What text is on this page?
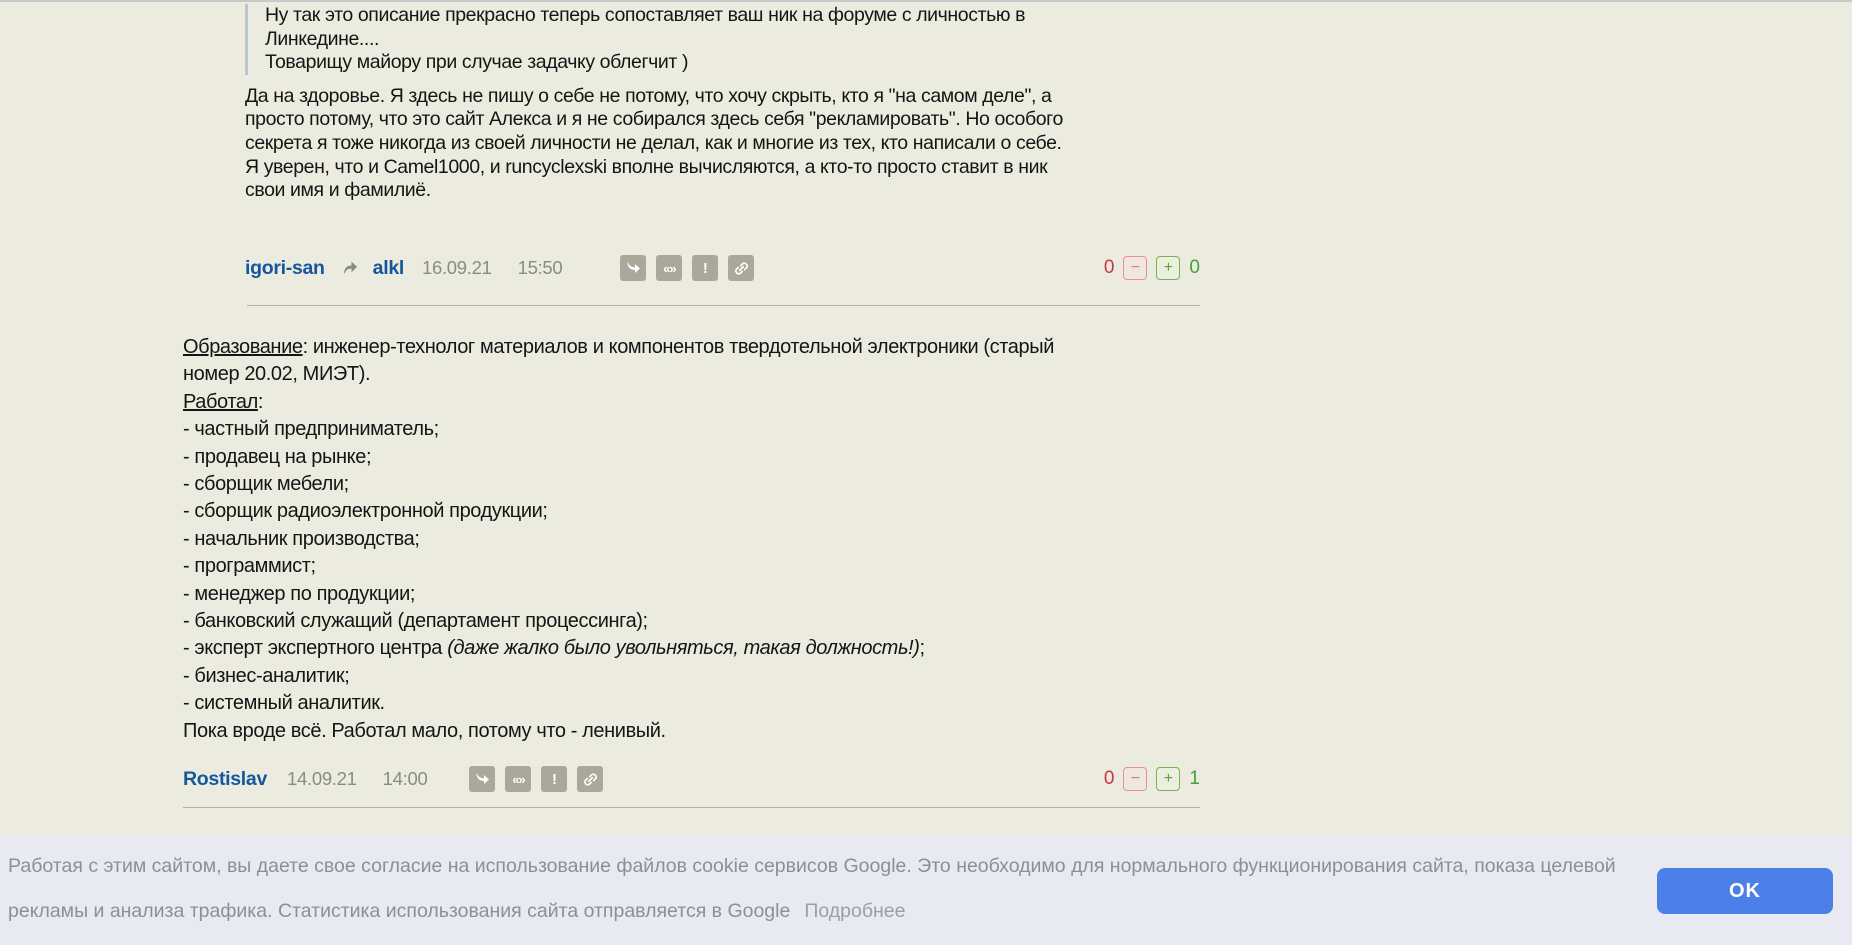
Ну так это описание прекрасно теперь сопоставляет ваш ник на форуме с личностью в
Линкедине....
Товарищу майору при случае задачку облегчит )
Да на здоровье. Я здесь не пишу о себе не потому, что хочу скрыть, кто я "на самом деле", а
просто потому, что это сайт Алекса и я не собирался здесь себя "рекламировать". Но особого
секрета я тоже никогда из своей личности не делал, как и многие из тех, кто написали о себе.
Я уверен, что и Camel1000, и runcyclexski вполне вычисляются, а кто-то просто ставит в ник
свои имя и фамилиё.
igori-san alkl 16.09.21 15:50	«» !	0	−	+ 0
Образование: инженер-технолог материалов и компонентов твердотельной электроники (старый
номер 20.02, МИЭТ).
Работал:
- частный предприниматель;
- продавец на рынке;
- сборщик мебели;
- сборщик радиоэлектронной продукции;
- начальник производства;
- программист;
- менеджер по продукции;
- банковский служащий (департамент процессинга);
- эксперт экспертного центра (даже жалко было увольняться, такая должность!);
- бизнес-аналитик;
- системный аналитик.
Пока вроде всё. Работал мало, потому что - ленивый.
Rostislav 14.09.21 14:00	«» !	0	−	+ 1
Работая с этим сайтом, вы даете свое согласие на использование файлов cookie сервисов Google. Это необходимо для нормального функционирования сайта, показа целевой
рекламы и анализа трафика. Статистика использования сайта отправляется в Google Подробнее
OK
